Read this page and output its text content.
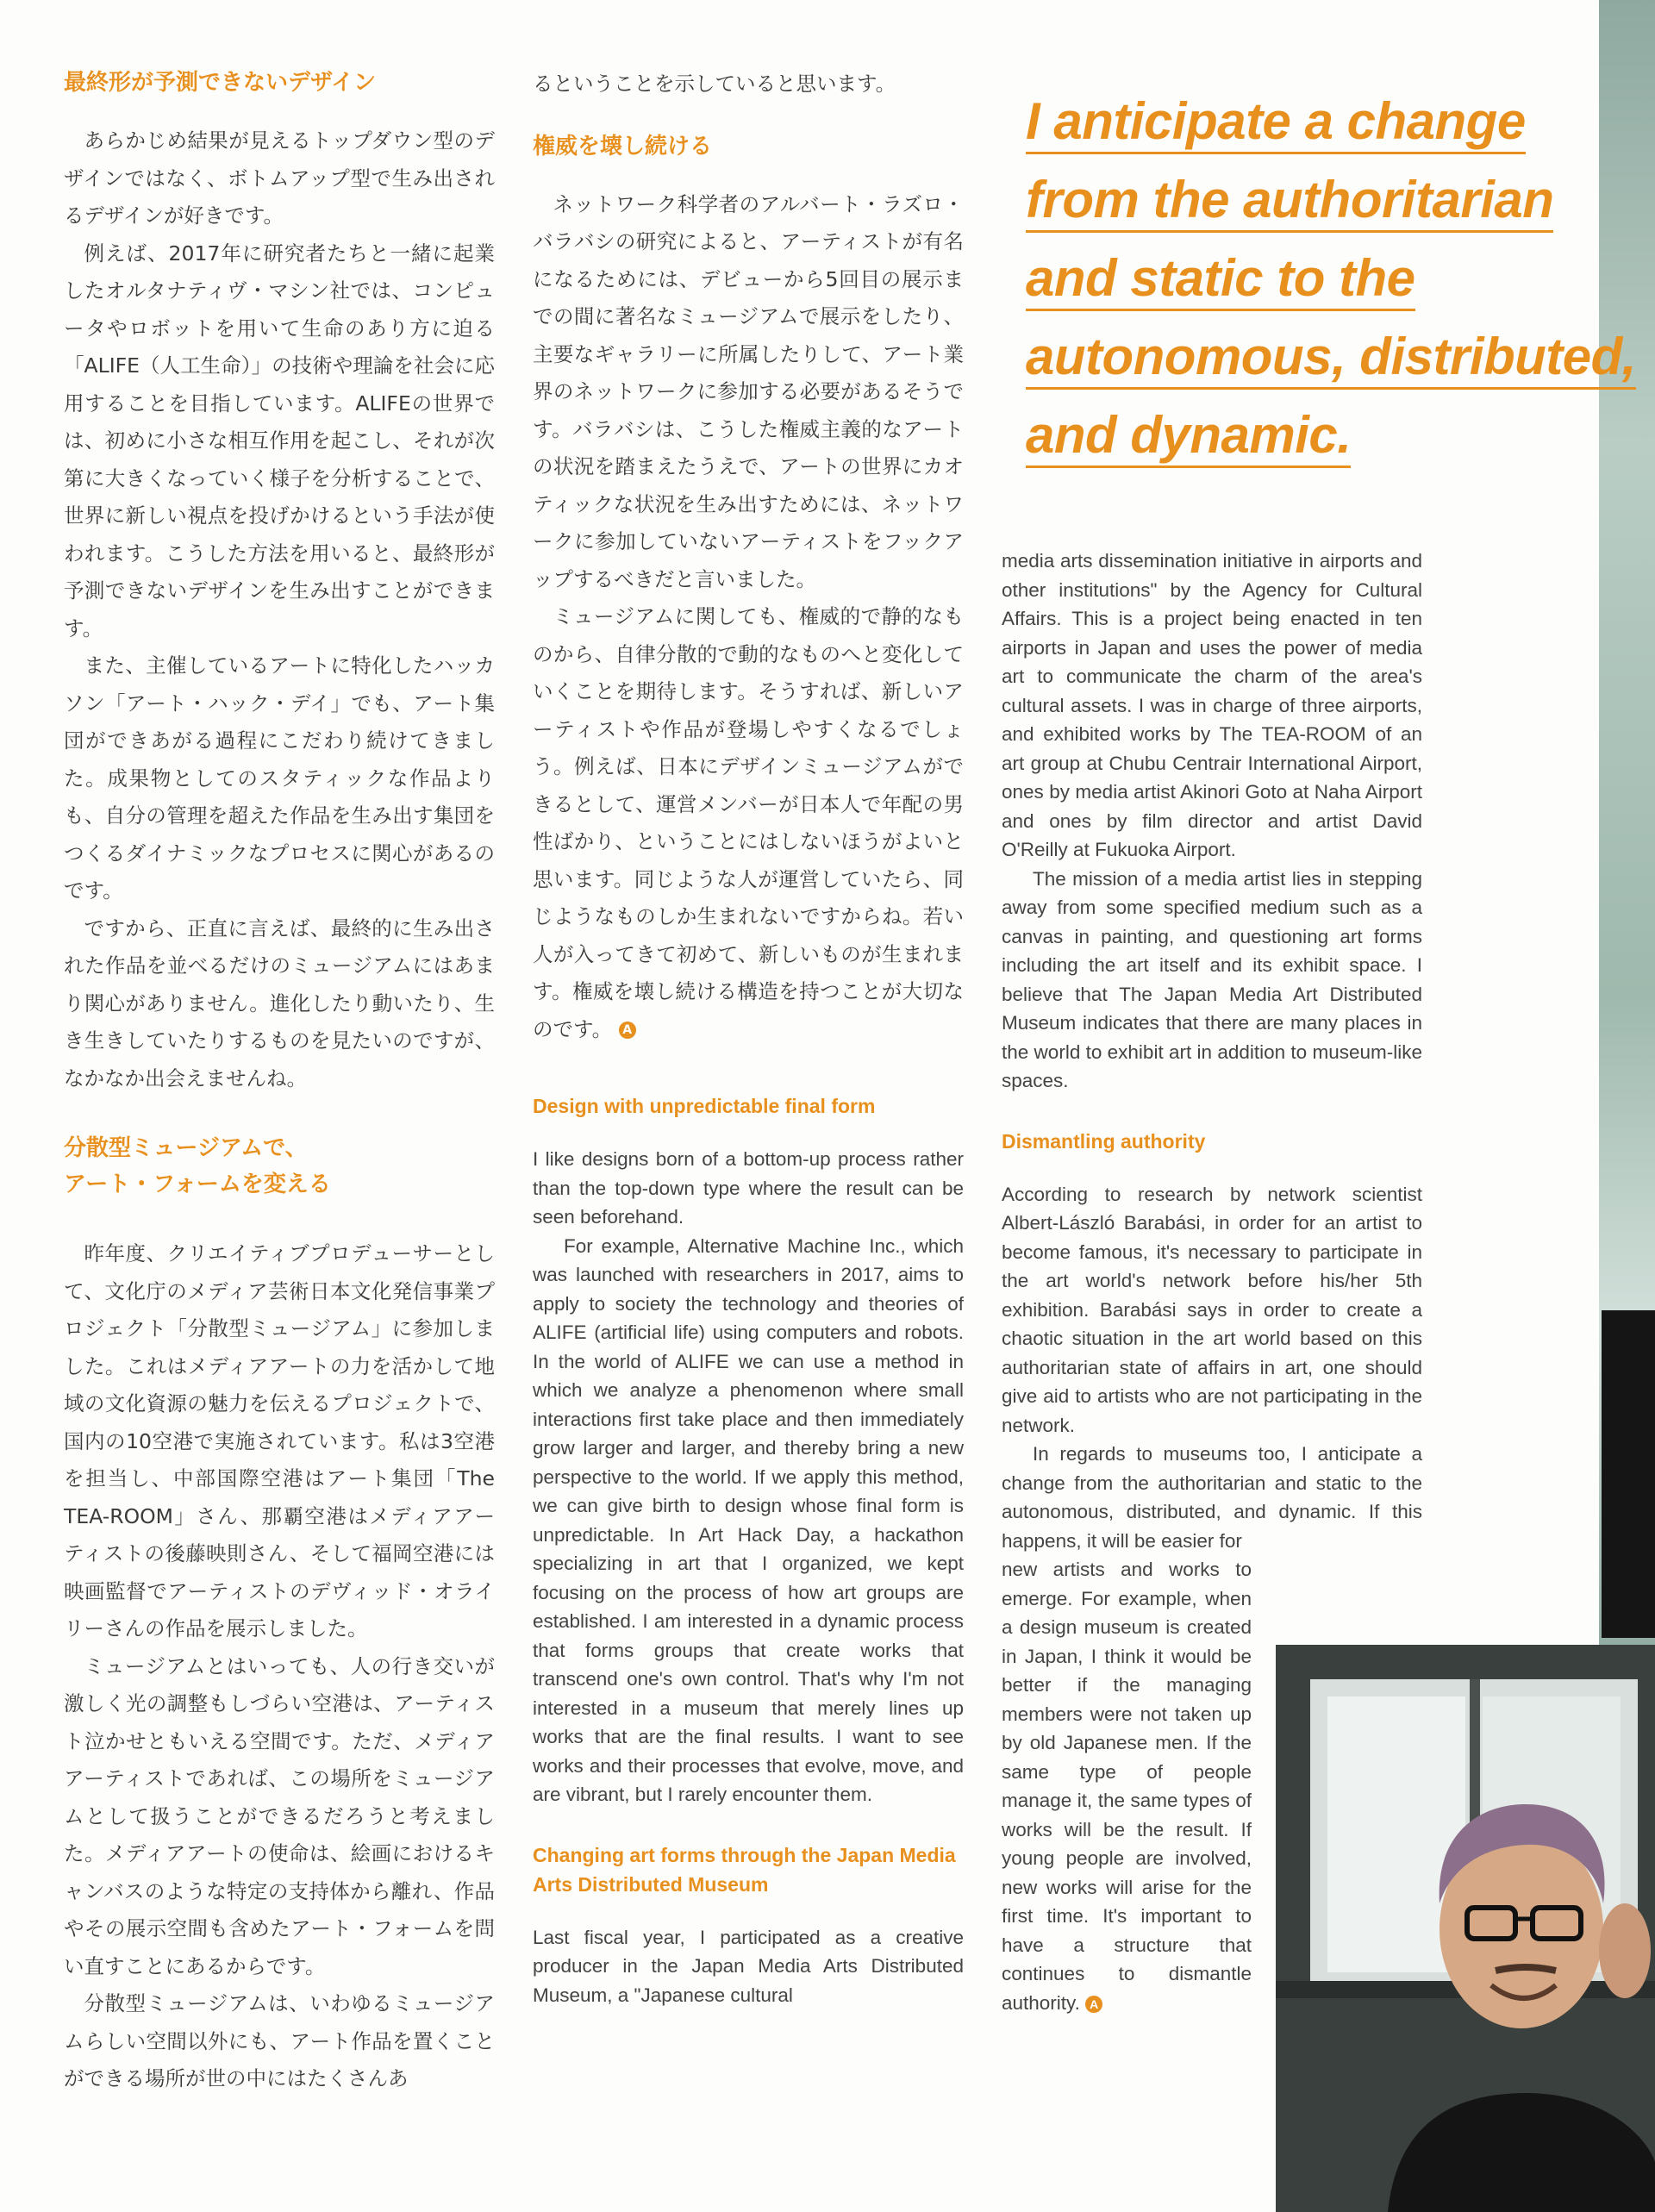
最終形が予測できないデザイン

あらかじめ結果が見えるトップダウン型のデザインではなく、ボトムアップ型で生み出されるデザインが好きです。

例えば、2017年に研究者たちと一緒に起業したオルタナティヴ・マシン社では、コンピュータやロボットを用いて生命のあり方に迫る「ALIFE（人工生命）」の技術や理論を社会に応用することを目指しています。ALIFEの世界では、初めに小さな相互作用を起こし、それが次第に大きくなっていく様子を分析することで、世界に新しい視点を投げかけるという手法が使われます。こうした方法を用いると、最終形が予測できないデザインを生み出すことができます。

また、主催しているアートに特化したハッカソン「アート・ハック・デイ」でも、アート集団ができあがる過程にこだわり続けてきました。成果物としてのスタティックな作品よりも、自分の管理を超えた作品を生み出す集団をつくるダイナミックなプロセスに関心があるのです。

ですから、正直に言えば、最終的に生み出された作品を並べるだけのミュージアムにはあまり関心がありません。進化したり動いたり、生き生きしていたりするものを見たいのですが、なかなか出会えませんね。

分散型ミュージアムで、
アート・フォームを変える

昨年度、クリエイティブプロデューサーとして、文化庁のメディア芸術日本文化発信事業プロジェクト「分散型ミュージアム」に参加しました。これはメディアアートの力を活かして地域の文化資源の魅力を伝えるプロジェクトで、国内の10空港で実施されています。私は3空港を担当し、中部国際空港はアート集団「The TEA-ROOM」さん、那覇空港はメディアアーティストの後藤映則さん、そして福岡空港には映画監督でアーティストのデヴィッド・オライリーさんの作品を展示しました。

ミュージアムとはいっても、人の行き交いが激しく光の調整もしづらい空港は、アーティスト泣かせともいえる空間です。ただ、メディアアーティストであれば、この場所をミュージアムとして扱うことができるだろうと考えました。メディアアートの使命は、絵画におけるキャンバスのような特定の支持体から離れ、作品やその展示空間も含めたアート・フォームを問い直すことにあるからです。

分散型ミュージアムは、いわゆるミュージアムらしい空間以外にも、アート作品を置くことができる場所が世の中にはたくさんあ

るということを示していると思います。

権威を壊し続ける

ネットワーク科学者のアルバート・ラズロ・バラバシの研究によると、アーティストが有名になるためには、デビューから5回目の展示までの間に著名なミュージアムで展示をしたり、主要なギャラリーに所属したりして、アート業界のネットワークに参加する必要があるそうです。バラバシは、こうした権威主義的なアートの状況を踏まえたうえで、アートの世界にカオティックな状況を生み出すためには、ネットワークに参加していないアーティストをフックアップするべきだと言いました。

ミュージアムに関しても、権威的で静的なものから、自律分散的で動的なものへと変化していくことを期待します。そうすれば、新しいアーティストや作品が登場しやすくなるでしょう。例えば、日本にデザインミュージアムができるとして、運営メンバーが日本人で年配の男性ばかり、ということにはしないほうがよいと思います。同じような人が運営していたら、同じようなものしか生まれないですからね。若い人が入ってきて初めて、新しいものが生まれます。権威を壊し続ける構造を持つことが大切なのです。 A

Design with unpredictable final form

I like designs born of a bottom-up process rather than the top-down type where the result can be seen beforehand.

For example, Alternative Machine Inc., which was launched with researchers in 2017, aims to apply to society the technology and theories of ALIFE (artificial life) using computers and robots. In the world of ALIFE we can use a method in which we analyze a phenomenon where small interactions first take place and then immediately grow larger and larger, and thereby bring a new perspective to the world. If we apply this method, we can give birth to design whose final form is unpredictable. In Art Hack Day, a hackathon specializing in art that I organized, we kept focusing on the process of how art groups are established. I am interested in a dynamic process that forms groups that create works that transcend one's own control. That's why I'm not interested in a museum that merely lines up works that are the final results. I want to see works and their processes that evolve, move, and are vibrant, but I rarely encounter them.

Changing art forms through the Japan Media Arts Distributed Museum

Last fiscal year, I participated as a creative producer in the Japan Media Arts Distributed Museum, a "Japanese cultural

I anticipate a change

from the authoritarian

and static to the

autonomous, distributed,

and dynamic.

media arts dissemination initiative in airports and other institutions" by the Agency for Cultural Affairs. This is a project being enacted in ten airports in Japan and uses the power of media art to communicate the charm of the area's cultural assets. I was in charge of three airports, and exhibited works by The TEA-ROOM of an art group at Chubu Centrair International Airport, ones by media artist Akinori Goto at Naha Airport and ones by film director and artist David O'Reilly at Fukuoka Airport.

The mission of a media artist lies in stepping away from some specified medium such as a canvas in painting, and questioning art forms including the art itself and its exhibit space. I believe that The Japan Media Art Distributed Museum indicates that there are many places in the world to exhibit art in addition to museum-like spaces.

Dismantling authority

According to research by network scientist Albert-László Barabási, in order for an artist to become famous, it's necessary to participate in the art world's network before his/her 5th exhibition. Barabási says in order to create a chaotic situation in the art world based on this authoritarian state of affairs in art, one should give aid to artists who are not participating in the network.

In regards to museums too, I anticipate a change from the authoritarian and static to the autonomous, distributed, and dynamic. If this happens, it will be easier for

new artists and works to emerge. For example, when a design museum is created in Japan, I think it would be better if the managing members were not taken up by old Japanese men. If the same type of people manage it, the same types of works will be the result. If young people are involved, new works will arise for the first time. It's important to have a structure that continues to dismantle authority. A
